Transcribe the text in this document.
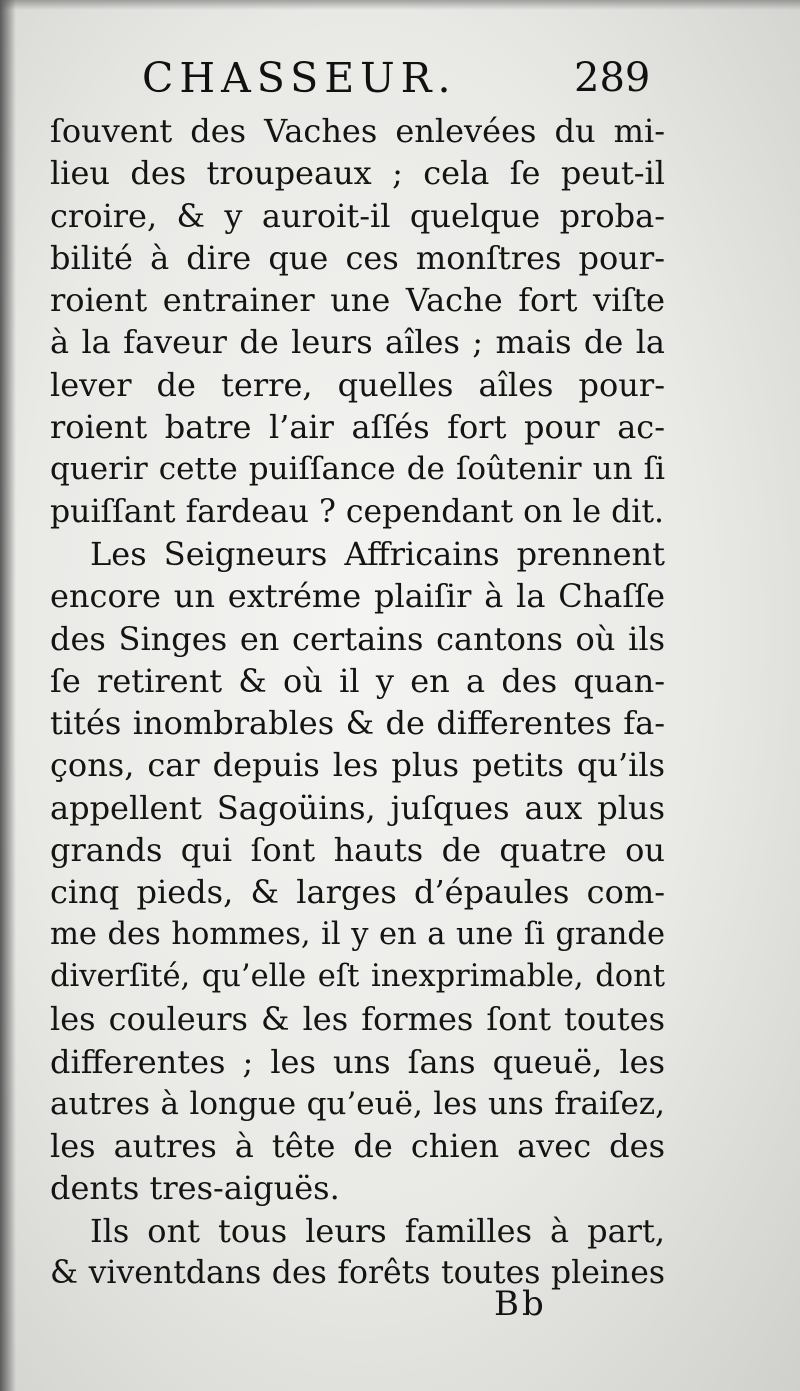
CHASSEUR.	289
ſouvent des Vaches enlevées du mi-
lieu des troupeaux ; cela ſe peut-il
croire, & y auroit-il quelque proba-
bilité à dire que ces monſtres pour-
roient entrainer une Vache fort viſte
à la faveur de leurs aîles ; mais de la
lever de terre, quelles aîles pour-
roient batre l’air aſſés fort pour ac-
querir cette puiſſance de ſoûtenir un ſi
puiſſant fardeau ? cependant on le dit.
Les Seigneurs Affricains prennent
encore un extréme plaiſir à la Chaſſe
des Singes en certains cantons où ils
ſe retirent & où il y en a des quan-
tités inombrables & de differentes fa-
çons, car depuis les plus petits qu’ils
appellent Sagoüins, juſques aux plus
grands qui ſont hauts de quatre ou
cinq pieds, & larges d’épaules com-
me des hommes, il y en a une ſi grande
diverſité, qu’elle eſt inexprimable, dont
les couleurs & les formes ſont toutes
differentes ; les uns ſans queuë, les
autres à longue qu’euë, les uns fraiſez,
les autres à tête de chien avec des
dents tres-aiguës.
Ils ont tous leurs familles à part,
& viventdans des forêts toutes pleines
Bb
